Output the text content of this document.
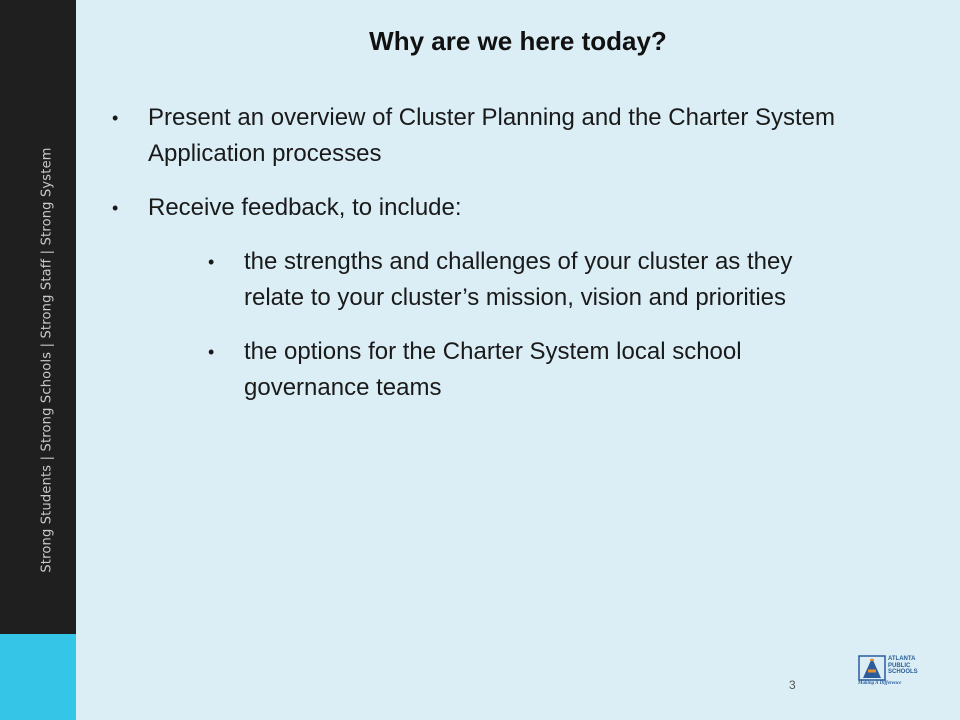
Strong Students | Strong Schools | Strong Staff | Strong System
Why are we here today?
• Present an overview of Cluster Planning and the Charter System Application processes
• Receive feedback, to include:
• the strengths and challenges of your cluster as they relate to your cluster’s mission, vision and priorities
• the options for the Charter System local school governance teams
3
ATLANTA
PUBLIC
SCHOOLS
Making A Difference
